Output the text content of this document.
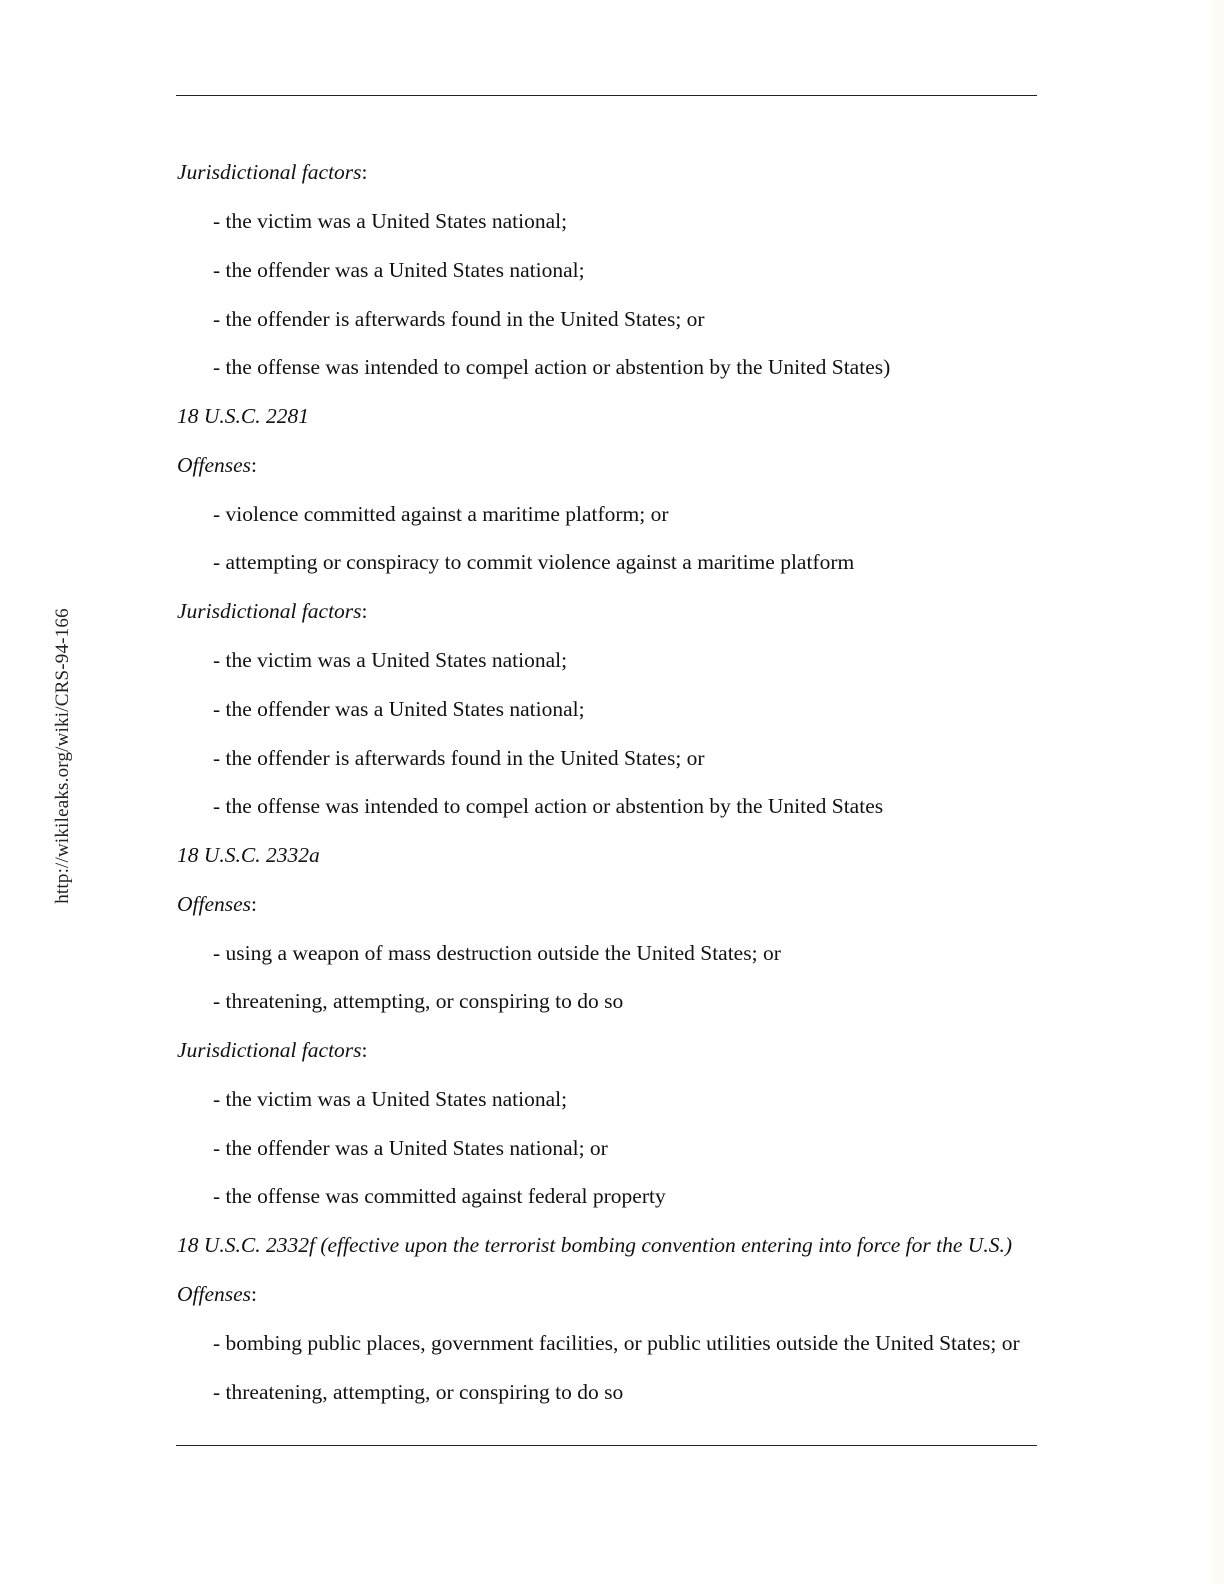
http://wikileaks.org/wiki/CRS-94-166
Jurisdictional factors:
- the victim was a United States national;
- the offender was a United States national;
- the offender is afterwards found in the United States; or
- the offense was intended to compel action or abstention by the United States)
18 U.S.C. 2281
Offenses:
- violence committed against a maritime platform; or
- attempting or conspiracy to commit violence against a maritime platform
Jurisdictional factors:
- the victim was a United States national;
- the offender was a United States national;
- the offender is afterwards found in the United States; or
- the offense was intended to compel action or abstention by the United States
18 U.S.C. 2332a
Offenses:
- using a weapon of mass destruction outside the United States; or
- threatening, attempting, or conspiring to do so
Jurisdictional factors:
- the victim was a United States national;
- the offender was a United States national; or
- the offense was committed against federal property
18 U.S.C. 2332f (effective upon the terrorist bombing convention entering into force for the U.S.)
Offenses:
- bombing public places, government facilities, or public utilities outside the United States; or
- threatening, attempting, or conspiring to do so
